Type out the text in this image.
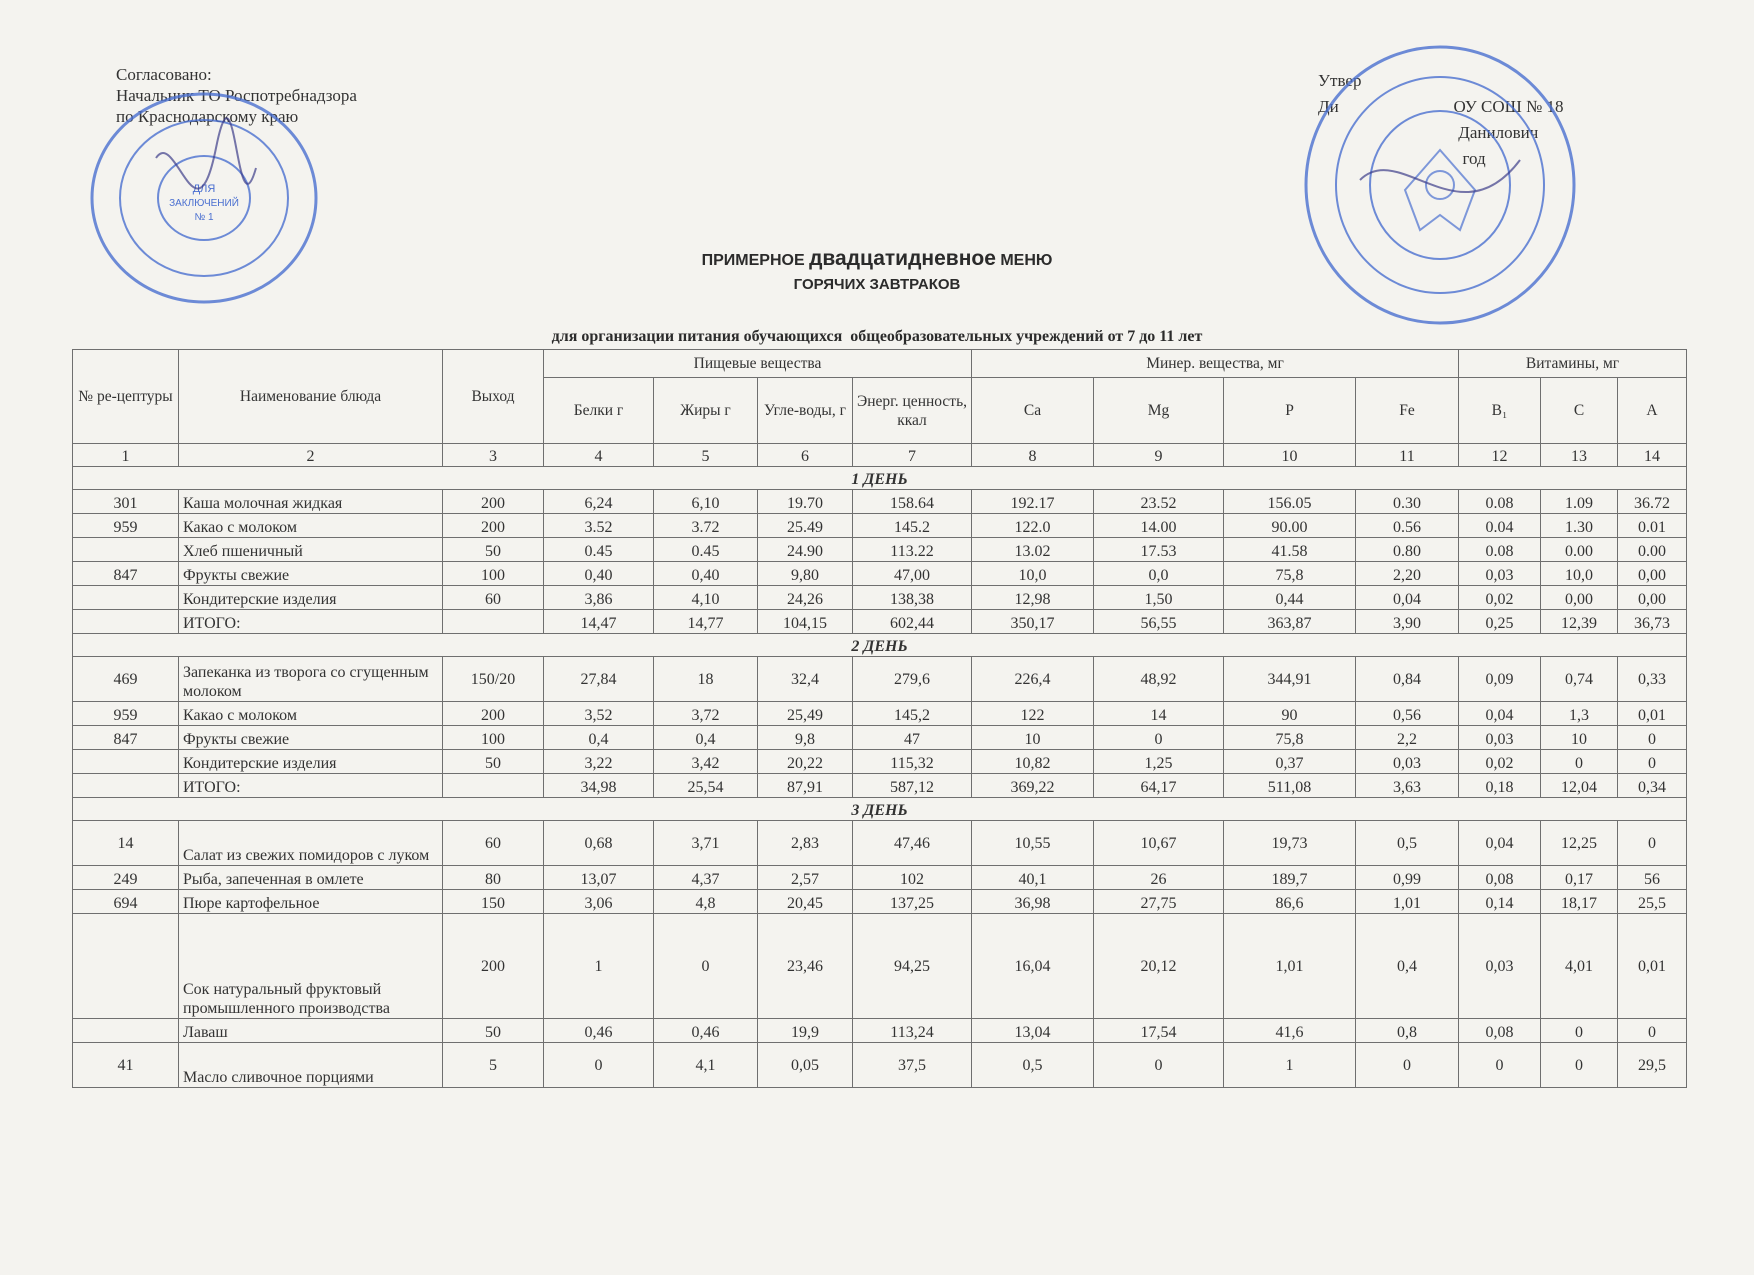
Согласовано:
Начальник ТО Роспотребнадзора
по Краснодарскому краю
Утвер
Ди                           ОУ СОШ № 18
Данилович
год
ДЛЯ
ЗАКЛЮЧЕНИЙ
№ 1
ПРИМЕРНОЕ двадцатидневное МЕНЮ
ГОРЯЧИХ ЗАВТРАКОВ
для организации питания обучающихся  общеобразовательных учреждений от 7 до 11 лет
№ ре-цептуры	Наименование блюда	Выход	Пищевые вещества				Минер. вещества, мг				Витамины, мг		
			Белки г	Жиры г	Угле-воды, г	Энерг. ценность, ккал	Ca	Mg	P	Fe	B₁	C	A
1	2	3	4	5	6	7	8	9	10	11	12	13	14
1 ДЕНЬ													
301	Каша молочная жидкая	200	6,24	6,10	19.70	158.64	192.17	23.52	156.05	0.30	0.08	1.09	36.72
959	Какао с молоком	200	3.52	3.72	25.49	145.2	122.0	14.00	90.00	0.56	0.04	1.30	0.01
	Хлеб пшеничный	50	0.45	0.45	24.90	113.22	13.02	17.53	41.58	0.80	0.08	0.00	0.00
847	Фрукты свежие	100	0,40	0,40	9,80	47,00	10,0	0,0	75,8	2,20	0,03	10,0	0,00
	Кондитерские изделия	60	3,86	4,10	24,26	138,38	12,98	1,50	0,44	0,04	0,02	0,00	0,00
	ИТОГО:		14,47	14,77	104,15	602,44	350,17	56,55	363,87	3,90	0,25	12,39	36,73
2 ДЕНЬ													
469	Запеканка из творога со сгущенным молоком	150/20	27,84	18	32,4	279,6	226,4	48,92	344,91	0,84	0,09	0,74	0,33
959	Какао с молоком	200	3,52	3,72	25,49	145,2	122	14	90	0,56	0,04	1,3	0,01
847	Фрукты свежие	100	0,4	0,4	9,8	47	10	0	75,8	2,2	0,03	10	0
	Кондитерские изделия	50	3,22	3,42	20,22	115,32	10,82	1,25	0,37	0,03	0,02	0	0
	ИТОГО:		34,98	25,54	87,91	587,12	369,22	64,17	511,08	3,63	0,18	12,04	0,34
3 ДЕНЬ													
14	Салат из свежих помидоров с луком	60	0,68	3,71	2,83	47,46	10,55	10,67	19,73	0,5	0,04	12,25	0
249	Рыба, запеченная в омлете	80	13,07	4,37	2,57	102	40,1	26	189,7	0,99	0,08	0,17	56
694	Пюре картофельное	150	3,06	4,8	20,45	137,25	36,98	27,75	86,6	1,01	0,14	18,17	25,5
	Сок натуральный фруктовый промышленного производства	200	1	0	23,46	94,25	16,04	20,12	1,01	0,4	0,03	4,01	0,01
	Лаваш	50	0,46	0,46	19,9	113,24	13,04	17,54	41,6	0,8	0,08	0	0
41	Масло сливочное порциями	5	0	4,1	0,05	37,5	0,5	0	1	0	0	0	29,5
